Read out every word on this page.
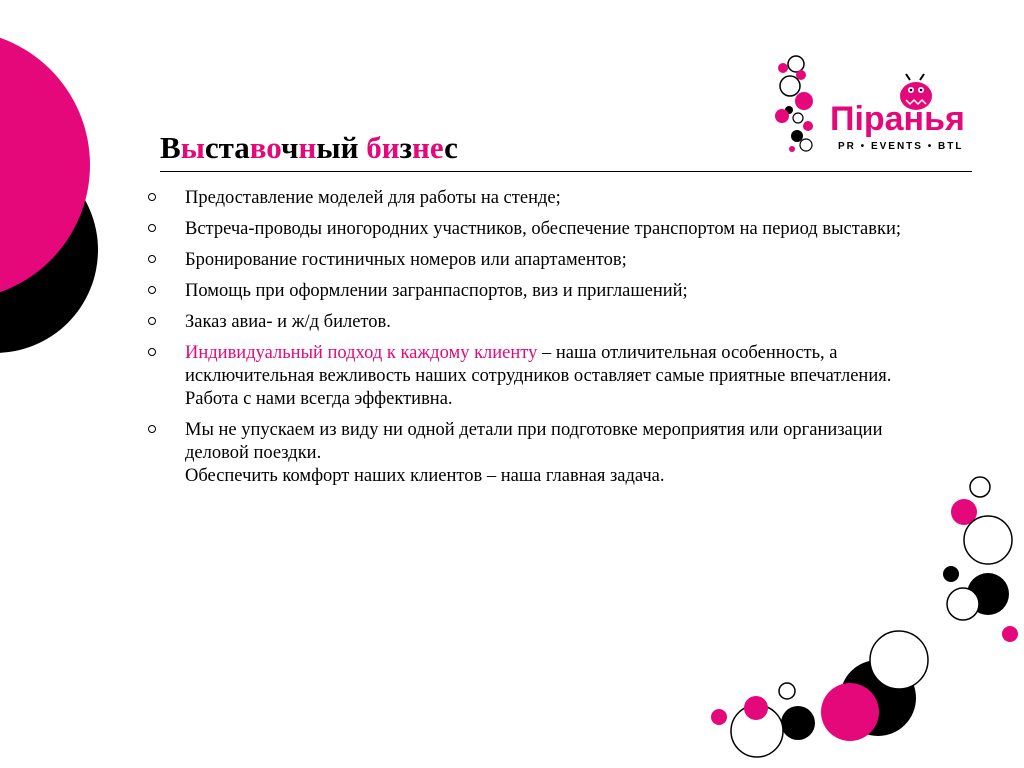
Піранья
PR • EVENTS • BTL
Выставочный бизнес
Предоставление моделей для работы на стенде;
Встреча-проводы иногородних участников, обеспечение транспортом на период выставки;
Бронирование гостиничных номеров или апартаментов;
Помощь при оформлении загранпаспортов, виз и приглашений;
Заказ авиа- и ж/д билетов.
Индивидуальный подход к каждому клиенту – наша отличительная особенность, а исключительная вежливость наших сотрудников оставляет самые приятные впечатления. Работа с нами всегда эффективна.
Мы не упускаем из виду ни одной детали при подготовке мероприятия или организации деловой поездки.
Обеспечить комфорт наших клиентов – наша главная задача.
